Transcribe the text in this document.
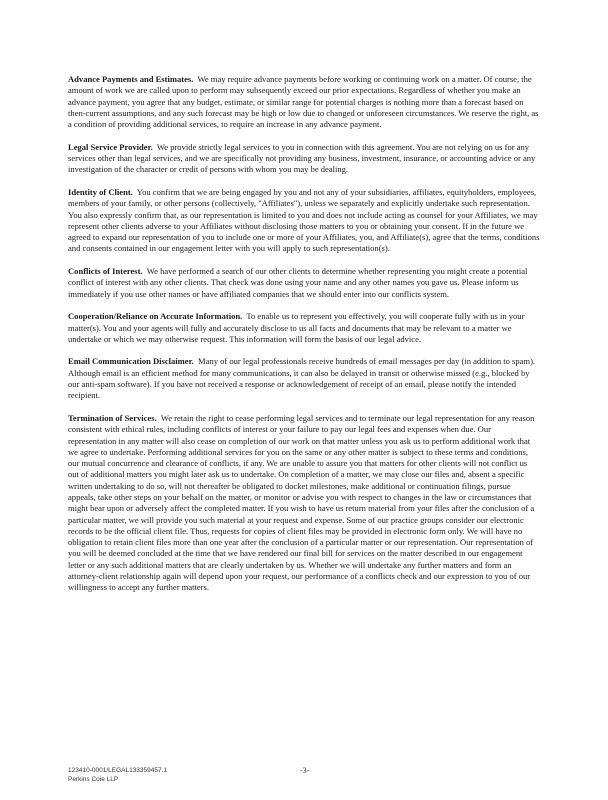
Advance Payments and Estimates. We may require advance payments before working or continuing work on a matter. Of course, the amount of work we are called upon to perform may subsequently exceed our prior expectations. Regardless of whether you make an advance payment, you agree that any budget, estimate, or similar range for potential charges is nothing more than a forecast based on then-current assumptions, and any such forecast may be high or low due to changed or unforeseen circumstances. We reserve the right, as a condition of providing additional services, to require an increase in any advance payment.

Legal Service Provider. We provide strictly legal services to you in connection with this agreement. You are not relying on us for any services other than legal services, and we are specifically not providing any business, investment, insurance, or accounting advice or any investigation of the character or credit of persons with whom you may be dealing.

Identity of Client. You confirm that we are being engaged by you and not any of your subsidiaries, affiliates, equityholders, employees, members of your family, or other persons (collectively, "Affiliates"), unless we separately and explicitly undertake such representation. You also expressly confirm that, as our representation is limited to you and does not include acting as counsel for your Affiliates, we may represent other clients adverse to your Affiliates without disclosing those matters to you or obtaining your consent. If in the future we agreed to expand our representation of you to include one or more of your Affiliates, you, and Affiliate(s), agree that the terms, conditions and consents contained in our engagement letter with you will apply to such representation(s).

Conflicts of Interest. We have performed a search of our other clients to determine whether representing you might create a potential conflict of interest with any other clients. That check was done using your name and any other names you gave us. Please inform us immediately if you use other names or have affiliated companies that we should enter into our conflicts system.

Cooperation/Reliance on Accurate Information. To enable us to represent you effectively, you will cooperate fully with us in your matter(s). You and your agents will fully and accurately disclose to us all facts and documents that may be relevant to a matter we undertake or which we may otherwise request. This information will form the basis of our legal advice.

Email Communication Disclaimer. Many of our legal professionals receive hundreds of email messages per day (in addition to spam). Although email is an efficient method for many communications, it can also be delayed in transit or otherwise missed (e.g., blocked by our anti-spam software). If you have not received a response or acknowledgement of receipt of an email, please notify the intended recipient.

Termination of Services. We retain the right to cease performing legal services and to terminate our legal representation for any reason consistent with ethical rules, including conflicts of interest or your failure to pay our legal fees and expenses when due. Our representation in any matter will also cease on completion of our work on that matter unless you ask us to perform additional work that we agree to undertake. Performing additional services for you on the same or any other matter is subject to these terms and conditions, our mutual concurrence and clearance of conflicts, if any. We are unable to assure you that matters for other clients will not conflict us out of additional matters you might later ask us to undertake. On completion of a matter, we may close our files and, absent a specific written undertaking to do so, will not thereafter be obligated to docket milestones, make additional or continuation filings, pursue appeals, take other steps on your behalf on the matter, or monitor or advise you with respect to changes in the law or circumstances that might bear upon or adversely affect the completed matter. If you wish to have us return material from your files after the conclusion of a particular matter, we will provide you such material at your request and expense. Some of our practice groups consider our electronic records to be the official client file. Thus, requests for copies of client files may be provided in electronic form only. We will have no obligation to retain client files more than one year after the conclusion of a particular matter or our representation. Our representation of you will be deemed concluded at the time that we have rendered our final bill for services on the matter described in our engagement letter or any such additional matters that are clearly undertaken by us. Whether we will undertake any further matters and form an attorney-client relationship again will depend upon your request, our performance of a conflicts check and our expression to you of our willingness to accept any further matters.

123410-0001/LEGAL133359457.1
Perkins Coie LLP
-3-
